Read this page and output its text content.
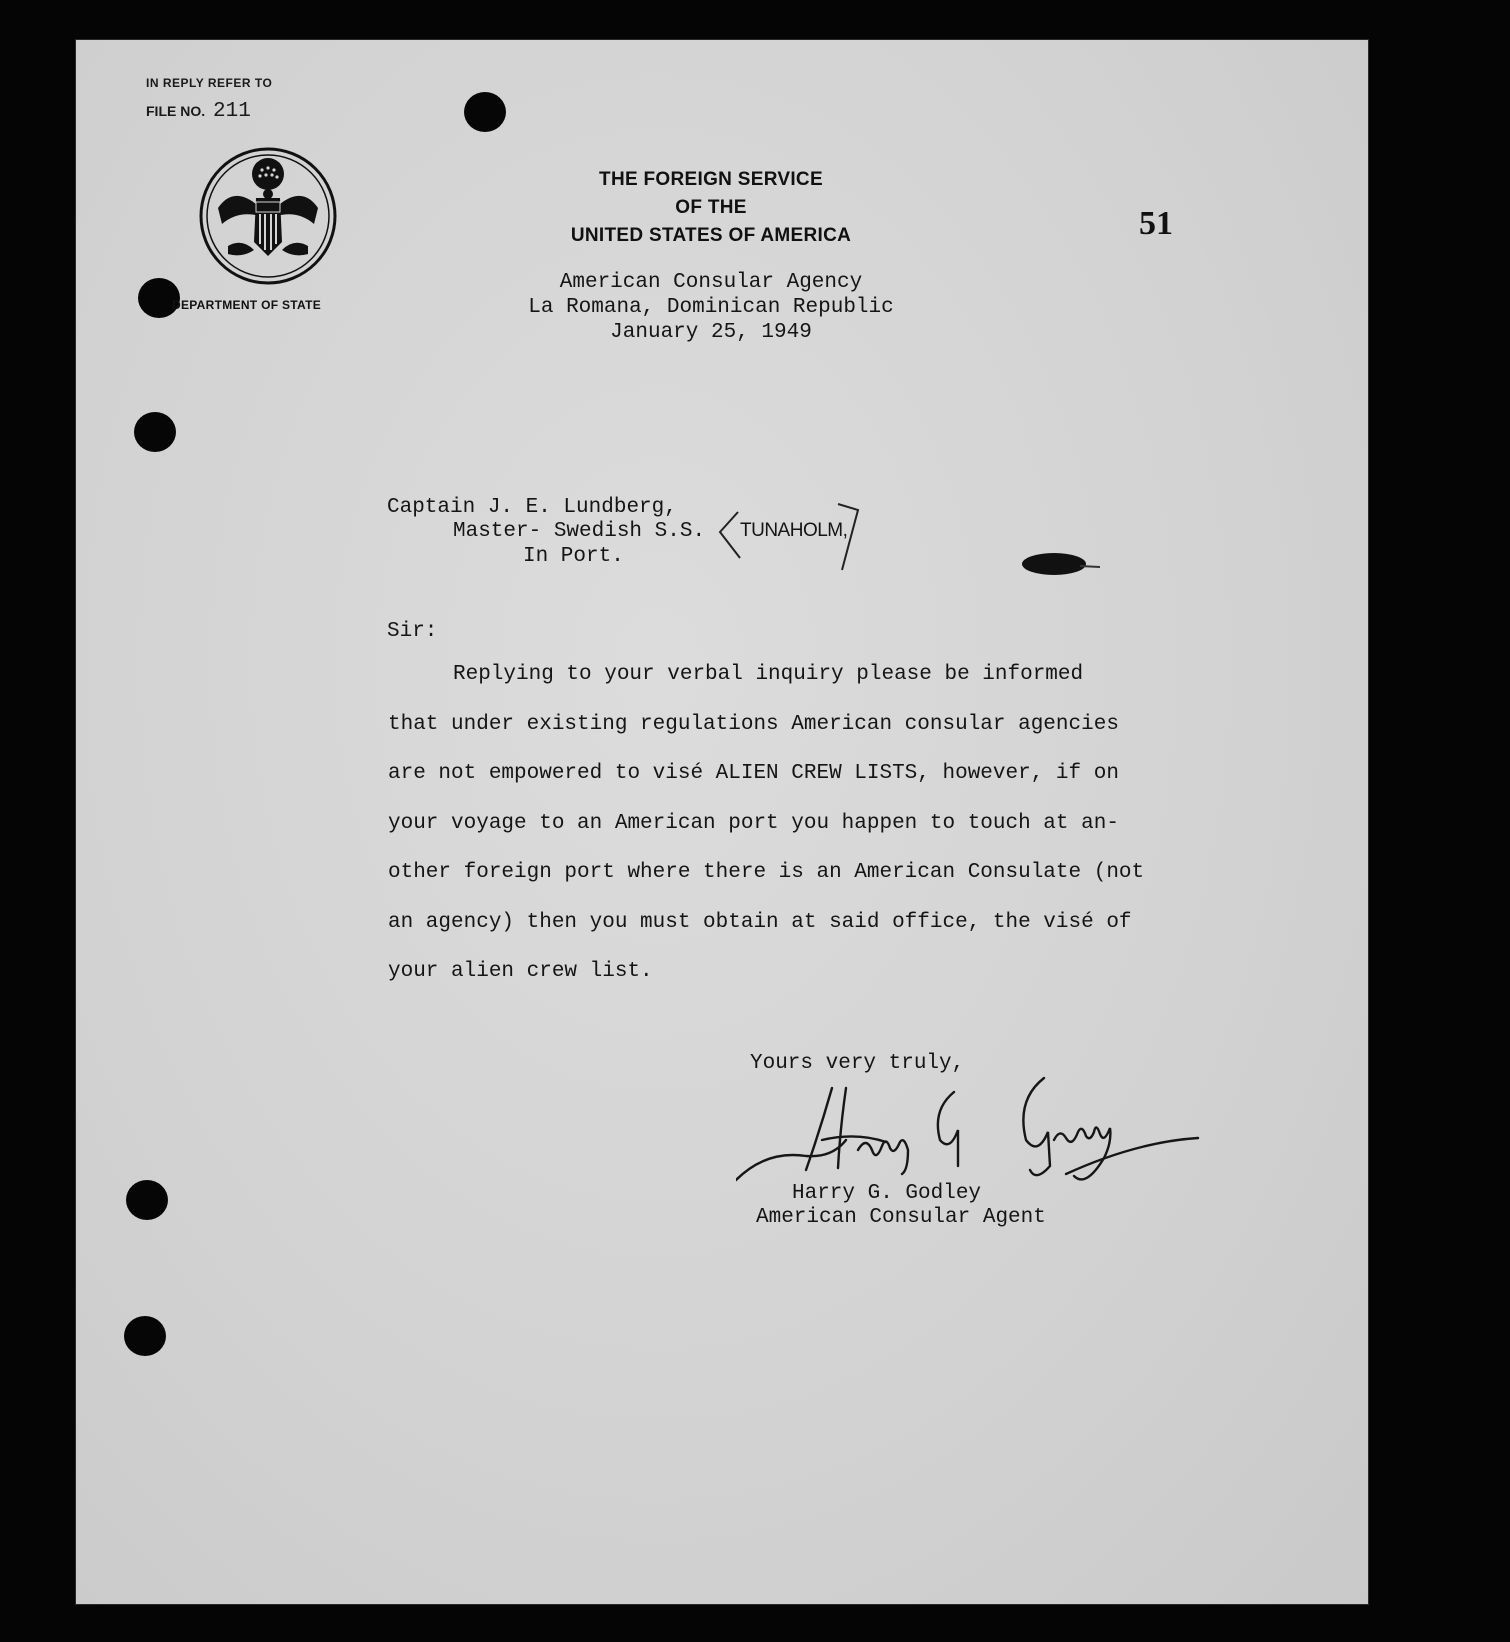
IN REPLY REFER TO
FILE NO. 211
DEPARTMENT OF STATE
THE FOREIGN SERVICE
OF THE
UNITED STATES OF AMERICA	51
American Consular Agency
La Romana, Dominican Republic
January 25, 1949
Captain J. E. Lundberg,
Master- Swedish S.S. TUNAHOLM,
In Port.
Sir:
Replying to your verbal inquiry please be informed
that under existing regulations American consular agencies
are not empowered to visé ALIEN CREW LISTS, however, if on
your voyage to an American port you happen to touch at an-
other foreign port where there is an American Consulate (not
an agency) then you must obtain at said office, the visé of
your alien crew list.
Yours very truly,
Harry G. Godley
American Consular Agent
